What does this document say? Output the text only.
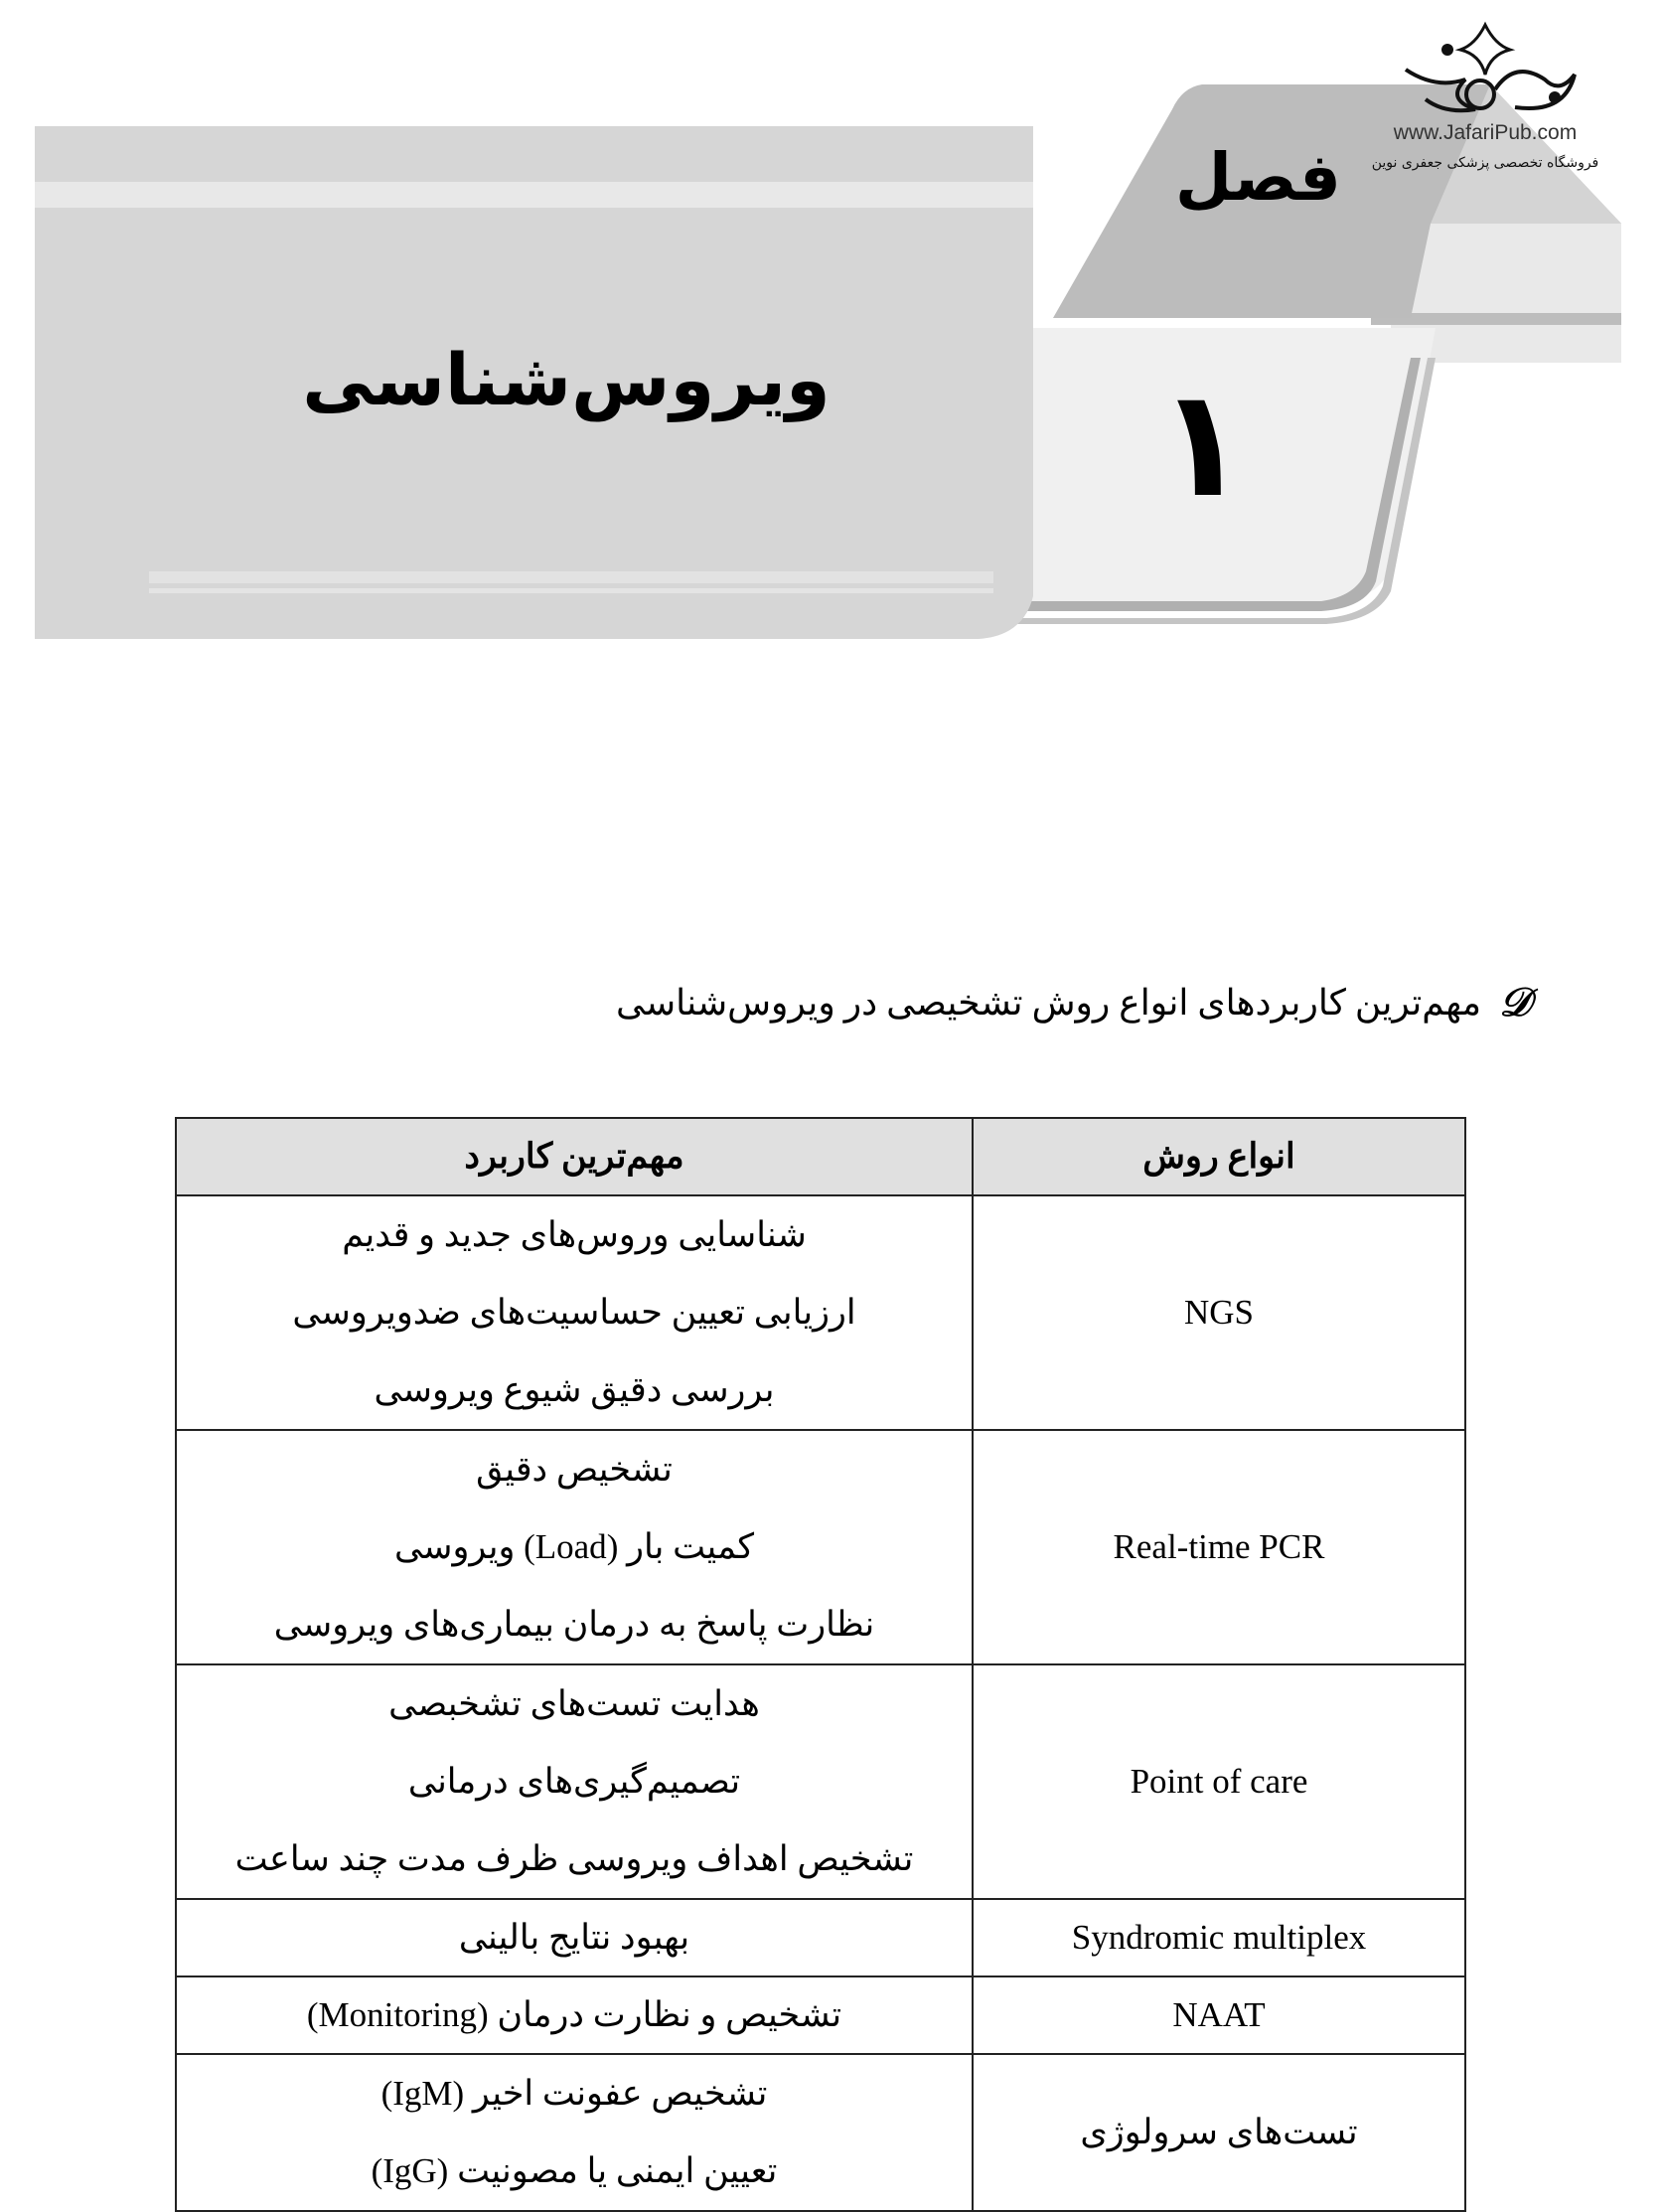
فصل
۱
ویروس‌شناسی
www.JafariPub.com
فروشگاه تخصصی پزشکی جعفری نوین
𝒟
مهم‌ترین کاربردهای انواع روش تشخیصی در ویروس‌شناسی
انواع روش	مهم‌ترین کاربرد
NGS	شناسایی وروس‌های جدید و قدیم
ارزیابی تعیین حساسیت‌های ضدویروسی
بررسی دقیق شیوع ویروسی

Real-time PCR	تشخیص دقیق
کمیت بار (Load) ویروسی
نظارت پاسخ به درمان بیماری‌های ویروسی

Point of care	هدایت تست‌های تشخبصی
تصمیم‌گیری‌های درمانی
تشخیص اهداف ویروسی ظرف مدت چند ساعت

Syndromic multiplex	بهبود نتایج بالینی

NAAT	تشخیص و نظارت درمان (Monitoring)

تست‌های سرولوژی	تشخیص عفونت اخیر (IgM)
تعیین ایمنی یا مصونیت (IgG)
